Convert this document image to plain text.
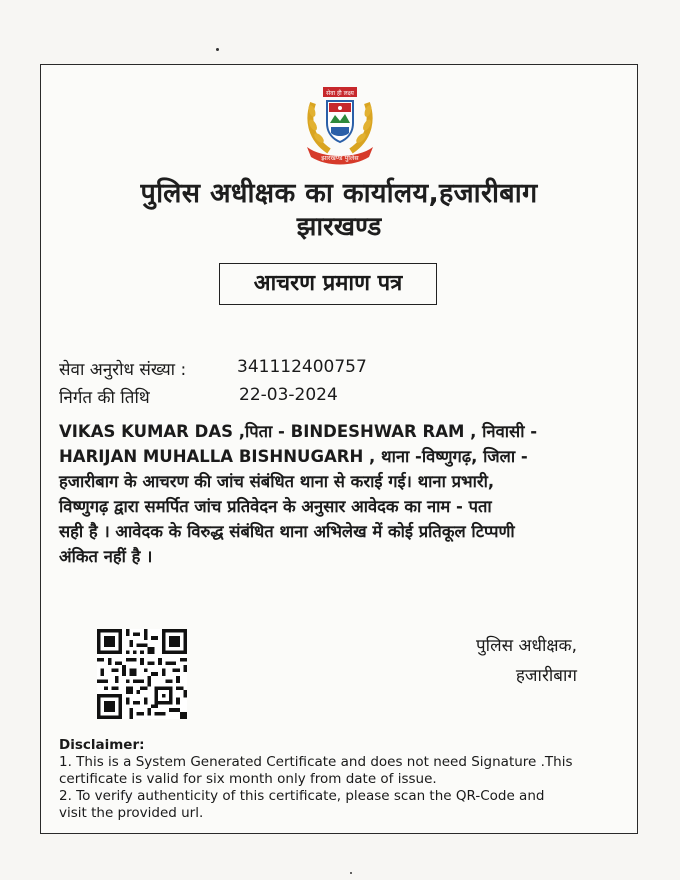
सेवा ही लक्ष्य
झारखण्ड पुलिस
पुलिस अधीक्षक का कार्यालय,हजारीबाग
झारखण्ड
आचरण प्रमाण पत्र
सेवा अनुरोध संख्या :	341112400757
निर्गत की तिथि	22-03-2024
VIKAS KUMAR DAS ,पिता - BINDESHWAR RAM , निवासी -
HARIJAN MUHALLA BISHNUGARH , थाना -विष्णुगढ़, जिला -
हजारीबाग के आचरण की जांच संबंधित थाना से कराई गई। थाना प्रभारी,
विष्णुगढ़ द्वारा समर्पित जांच प्रतिवेदन के अनुसार आवेदक का नाम - पता
सही है । आवेदक के विरुद्ध संबंधित थाना अभिलेख में कोई प्रतिकूल टिप्पणी
अंकित नहीं है ।
पुलिस अधीक्षक,
हजारीबाग

Disclaimer:

1. This is a System Generated Certificate and does not need Signature .This

certificate is valid for six month only from date of issue.

2. To verify authenticity of this certificate, please scan the QR-Code and

visit the provided url.
